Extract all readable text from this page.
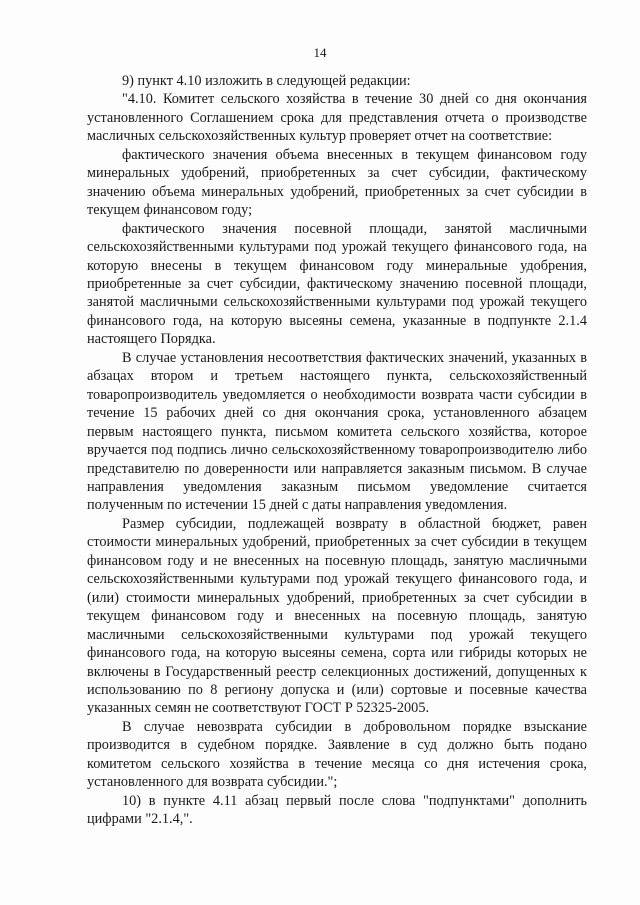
14

9) пункт 4.10 изложить в следующей редакции:

"4.10. Комитет сельского хозяйства в течение 30 дней со дня окончания установленного Соглашением срока для представления отчета о производстве масличных сельскохозяйственных культур проверяет отчет на соответствие:

фактического значения объема внесенных в текущем финансовом году минеральных удобрений, приобретенных за счет субсидии, фактическому значению объема минеральных удобрений, приобретенных за счет субсидии в текущем финансовом году;

фактического значения посевной площади, занятой масличными сельскохозяйственными культурами под урожай текущего финансового года, на которую внесены в текущем финансовом году минеральные удобрения, приобретенные за счет субсидии, фактическому значению посевной площади, занятой масличными сельскохозяйственными культурами под урожай текущего финансового года, на которую высеяны семена, указанные в подпункте 2.1.4 настоящего Порядка.

В случае установления несоответствия фактических значений, указанных в абзацах втором и третьем настоящего пункта, сельскохозяйственный товаропроизводитель уведомляется о необходимости возврата части субсидии в течение 15 рабочих дней со дня окончания срока, установленного абзацем первым настоящего пункта, письмом комитета сельского хозяйства, которое вручается под подпись лично сельскохозяйственному товаропроизводителю либо представителю по доверенности или направляется заказным письмом. В случае направления уведомления заказным письмом уведомление считается полученным по истечении 15 дней с даты направления уведомления.

Размер субсидии, подлежащей возврату в областной бюджет, равен стоимости минеральных удобрений, приобретенных за счет субсидии в текущем финансовом году и не внесенных на посевную площадь, занятую масличными сельскохозяйственными культурами под урожай текущего финансового года, и (или) стоимости минеральных удобрений, приобретенных за счет субсидии в текущем финансовом году и внесенных на посевную площадь, занятую масличными сельскохозяйственными культурами под урожай текущего финансового года, на которую высеяны семена, сорта или гибриды которых не включены в Государственный реестр селекционных достижений, допущенных к использованию по 8 региону допуска и (или) сортовые и посевные качества указанных семян не соответствуют ГОСТ Р 52325-2005.

В случае невозврата субсидии в добровольном порядке взыскание производится в судебном порядке. Заявление в суд должно быть подано комитетом сельского хозяйства в течение месяца со дня истечения срока, установленного для возврата субсидии.";

10) в пункте 4.11 абзац первый после слова "подпунктами" дополнить цифрами "2.1.4,".
